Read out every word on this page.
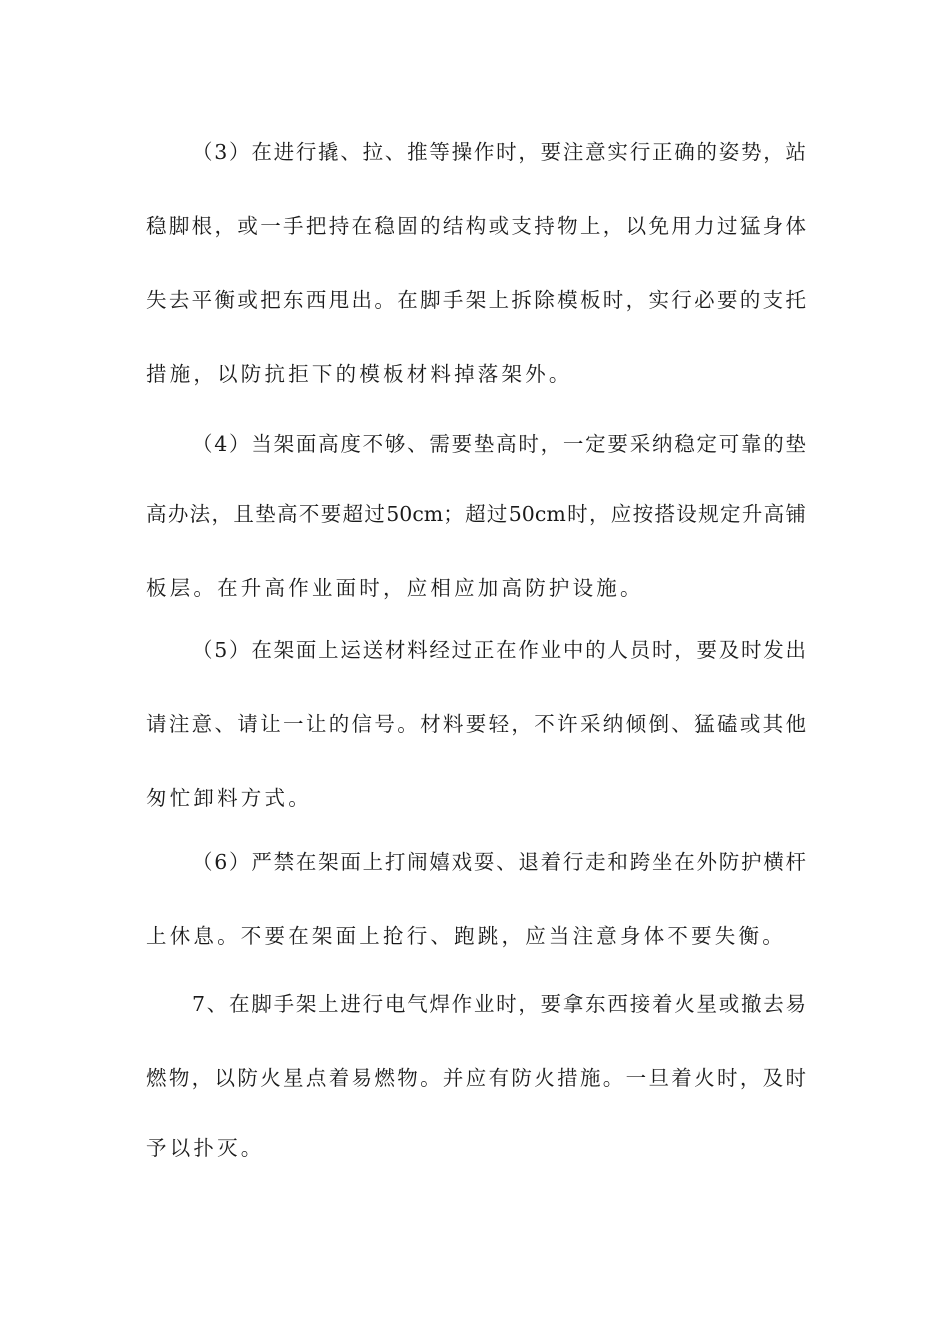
（3）在进行撬、拉、推等操作时，要注意实行正确的姿势，站
稳脚根，或一手把持在稳固的结构或支持物上，以免用力过猛身体
失去平衡或把东西甩出。在脚手架上拆除模板时，实行必要的支托
措施，以防抗拒下的模板材料掉落架外。
（4）当架面高度不够、需要垫高时，一定要采纳稳定可靠的垫
高办法，且垫高不要超过50cm；超过50cm时，应按搭设规定升高铺
板层。在升高作业面时，应相应加高防护设施。
（5）在架面上运送材料经过正在作业中的人员时，要及时发出
请注意、请让一让的信号。材料要轻，不许采纳倾倒、猛磕或其他
匆忙卸料方式。
（6）严禁在架面上打闹嬉戏耍、退着行走和跨坐在外防护横杆
上休息。不要在架面上抢行、跑跳，应当注意身体不要失衡。
7、在脚手架上进行电气焊作业时，要拿东西接着火星或撤去易
燃物，以防火星点着易燃物。并应有防火措施。一旦着火时，及时
予以扑灭。
